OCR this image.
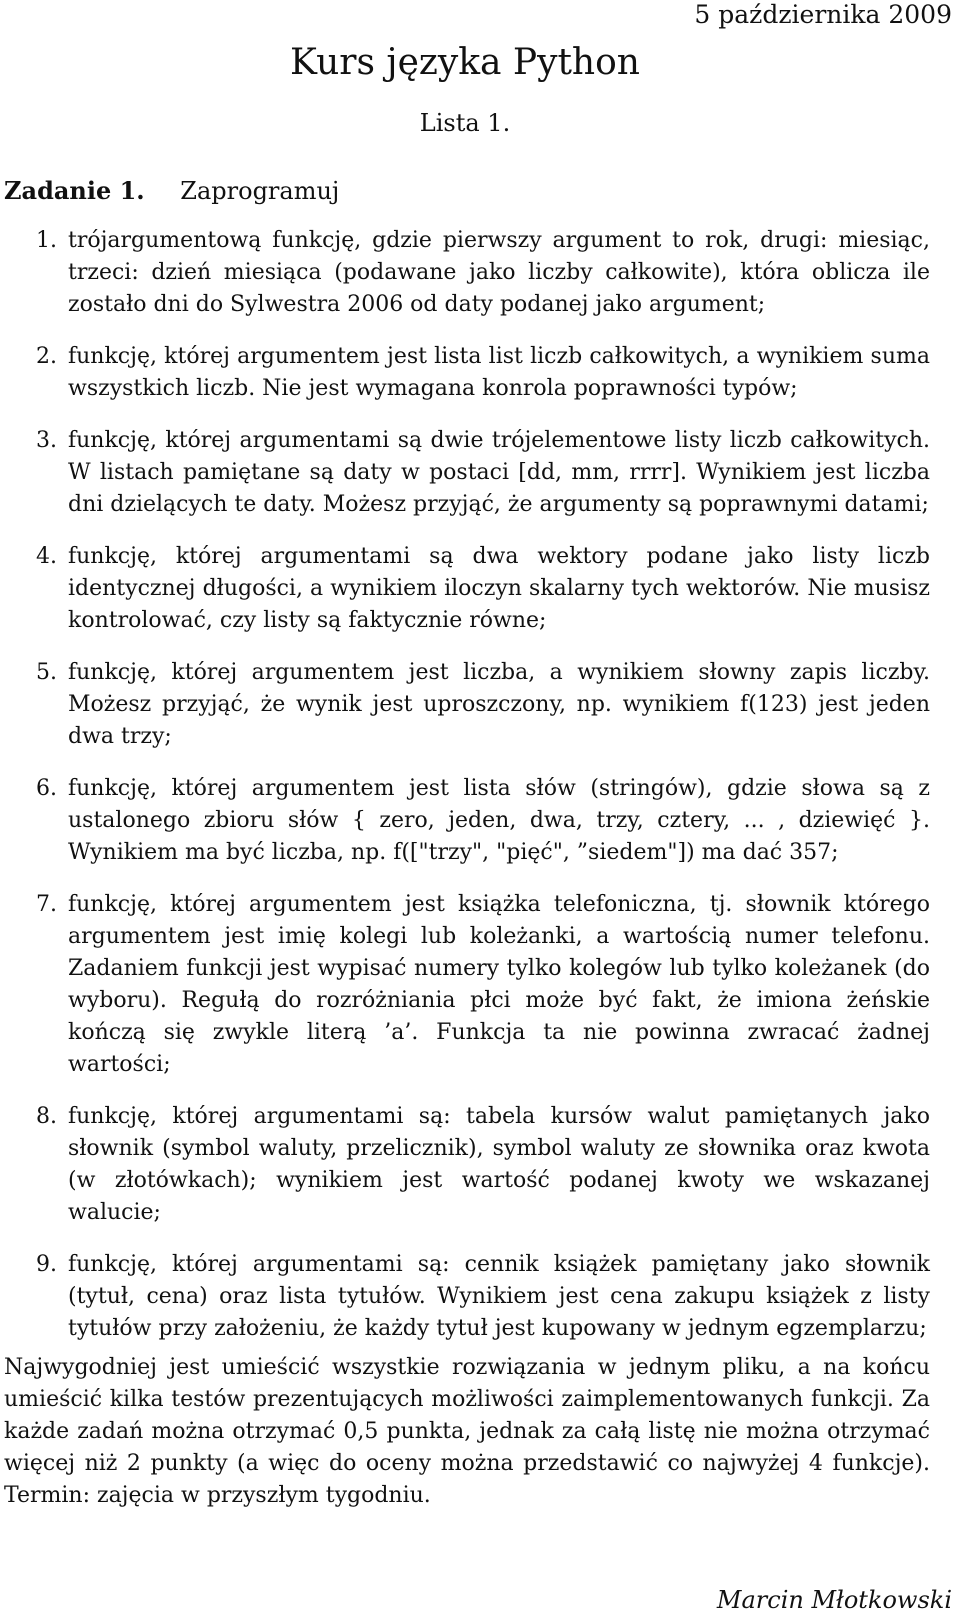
5 października 2009
Kurs języka Python
Lista 1.
Zadanie 1. Zaprogramuj
1. trójargumentową funkcję, gdzie pierwszy argument to rok, drugi: miesiąc, trzeci: dzień miesiąca (podawane jako liczby całkowite), która oblicza ile zostało dni do Sylwestra 2006 od daty podanej jako argument;
2. funkcję, której argumentem jest lista list liczb całkowitych, a wynikiem suma wszystkich liczb. Nie jest wymagana konrola poprawności typów;
3. funkcję, której argumentami są dwie trójelementowe listy liczb całkowitych. W listach pamiętane są daty w postaci [dd, mm, rrrr]. Wynikiem jest liczba dni dzielących te daty. Możesz przyjąć, że argumenty są poprawnymi datami;
4. funkcję, której argumentami są dwa wektory podane jako listy liczb identycznej długości, a wynikiem iloczyn skalarny tych wektorów. Nie musisz kontrolować, czy listy są faktycznie równe;
5. funkcję, której argumentem jest liczba, a wynikiem słowny zapis liczby. Możesz przyjąć, że wynik jest uproszczony, np. wynikiem f(123) jest jeden dwa trzy;
6. funkcję, której argumentem jest lista słów (stringów), gdzie słowa są z ustalonego zbioru słów { zero, jeden, dwa, trzy, cztery, ... , dziewięć }. Wynikiem ma być liczba, np. f(["trzy", "pięć", ”siedem"]) ma dać 357;
7. funkcję, której argumentem jest książka telefoniczna, tj. słownik którego argumentem jest imię kolegi lub koleżanki, a wartością numer telefonu. Zadaniem funkcji jest wypisać numery tylko kolegów lub tylko koleżanek (do wyboru). Regułą do rozróżniania płci może być fakt, że imiona żeńskie kończą się zwykle literą ’a’. Funkcja ta nie powinna zwracać żadnej wartości;
8. funkcję, której argumentami są: tabela kursów walut pamiętanych jako słownik (symbol waluty, przelicznik), symbol waluty ze słownika oraz kwota (w złotówkach); wynikiem jest wartość podanej kwoty we wskazanej walucie;
9. funkcję, której argumentami są: cennik książek pamiętany jako słownik (tytuł, cena) oraz lista tytułów. Wynikiem jest cena zakupu książek z listy tytułów przy założeniu, że każdy tytuł jest kupowany w jednym egzemplarzu;
Najwygodniej jest umieścić wszystkie rozwiązania w jednym pliku, a na końcu umieścić kilka testów prezentujących możliwości zaimplementowanych funkcji. Za każde zadań można otrzymać 0,5 punkta, jednak za całą listę nie można otrzymać więcej niż 2 punkty (a więc do oceny można przedstawić co najwyżej 4 funkcje). Termin: zajęcia w przyszłym tygodniu.
Marcin Młotkowski
